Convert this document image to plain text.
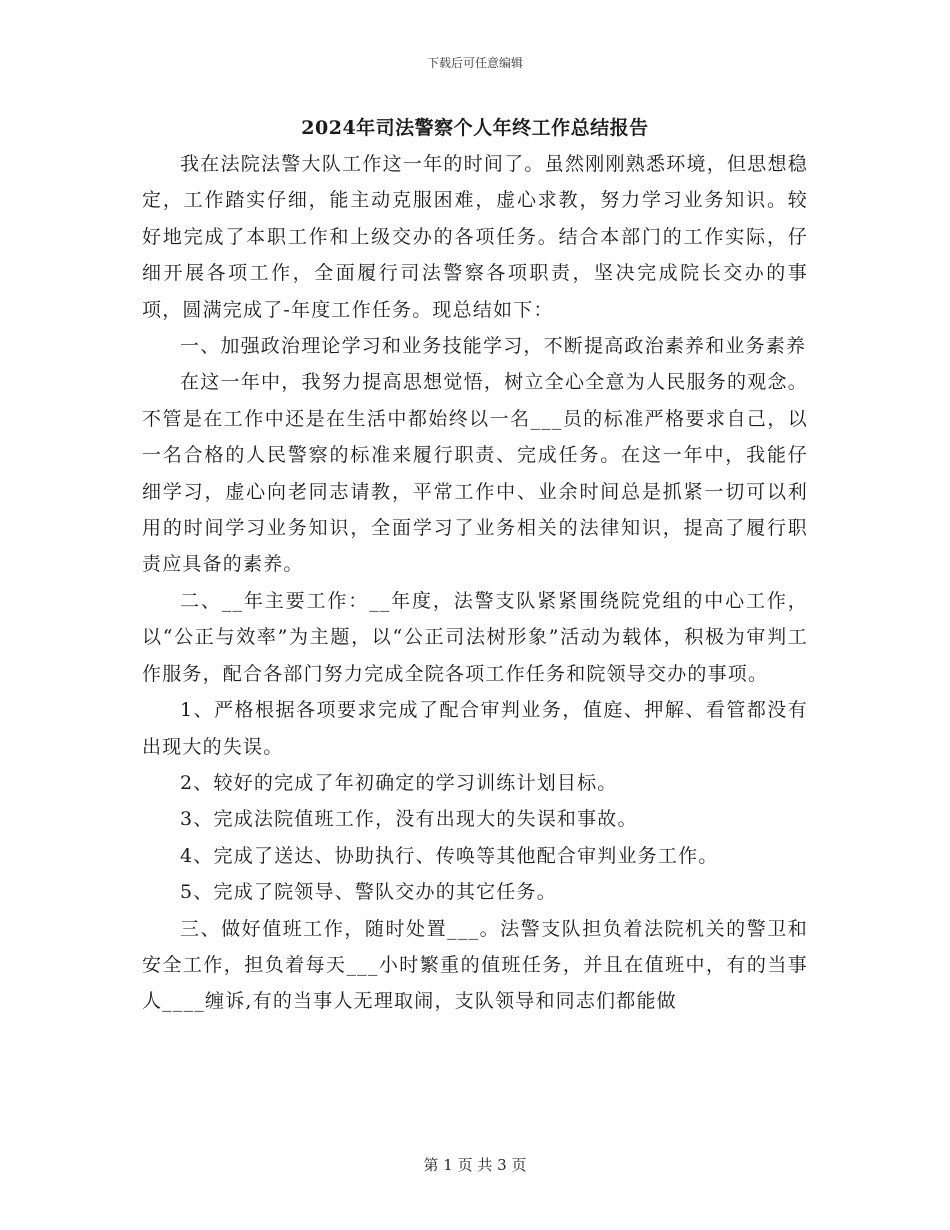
下载后可任意编辑
2024年司法警察个人年终工作总结报告

我在法院法警大队工作这一年的时间了。虽然刚刚熟悉环境，但思想稳定，工作踏实仔细，能主动克服困难，虚心求教，努力学习业务知识。较好地完成了本职工作和上级交办的各项任务。结合本部门的工作实际，仔细开展各项工作，全面履行司法警察各项职责，坚决完成院长交办的事项，圆满完成了-年度工作任务。现总结如下：

一、加强政治理论学习和业务技能学习，不断提高政治素养和业务素养

在这一年中，我努力提高思想觉悟，树立全心全意为人民服务的观念。不管是在工作中还是在生活中都始终以一名___员的标准严格要求自己，以一名合格的人民警察的标准来履行职责、完成任务。在这一年中，我能仔细学习，虚心向老同志请教，平常工作中、业余时间总是抓紧一切可以利用的时间学习业务知识，全面学习了业务相关的法律知识，提高了履行职责应具备的素养。

二、__年主要工作：__年度，法警支队紧紧围绕院党组的中心工作，以“公正与效率”为主题，以“公正司法树形象”活动为载体，积极为审判工作服务，配合各部门努力完成全院各项工作任务和院领导交办的事项。

1、严格根据各项要求完成了配合审判业务，值庭、押解、看管都没有出现大的失误。

2、较好的完成了年初确定的学习训练计划目标。

3、完成法院值班工作，没有出现大的失误和事故。

4、完成了送达、协助执行、传唤等其他配合审判业务工作。

5、完成了院领导、警队交办的其它任务。

三、做好值班工作，随时处置___。法警支队担负着法院机关的警卫和安全工作，担负着每天___小时繁重的值班任务，并且在值班中，有的当事人____缠诉,有的当事人无理取闹，支队领导和同志们都能做

第 1 页 共 3 页
